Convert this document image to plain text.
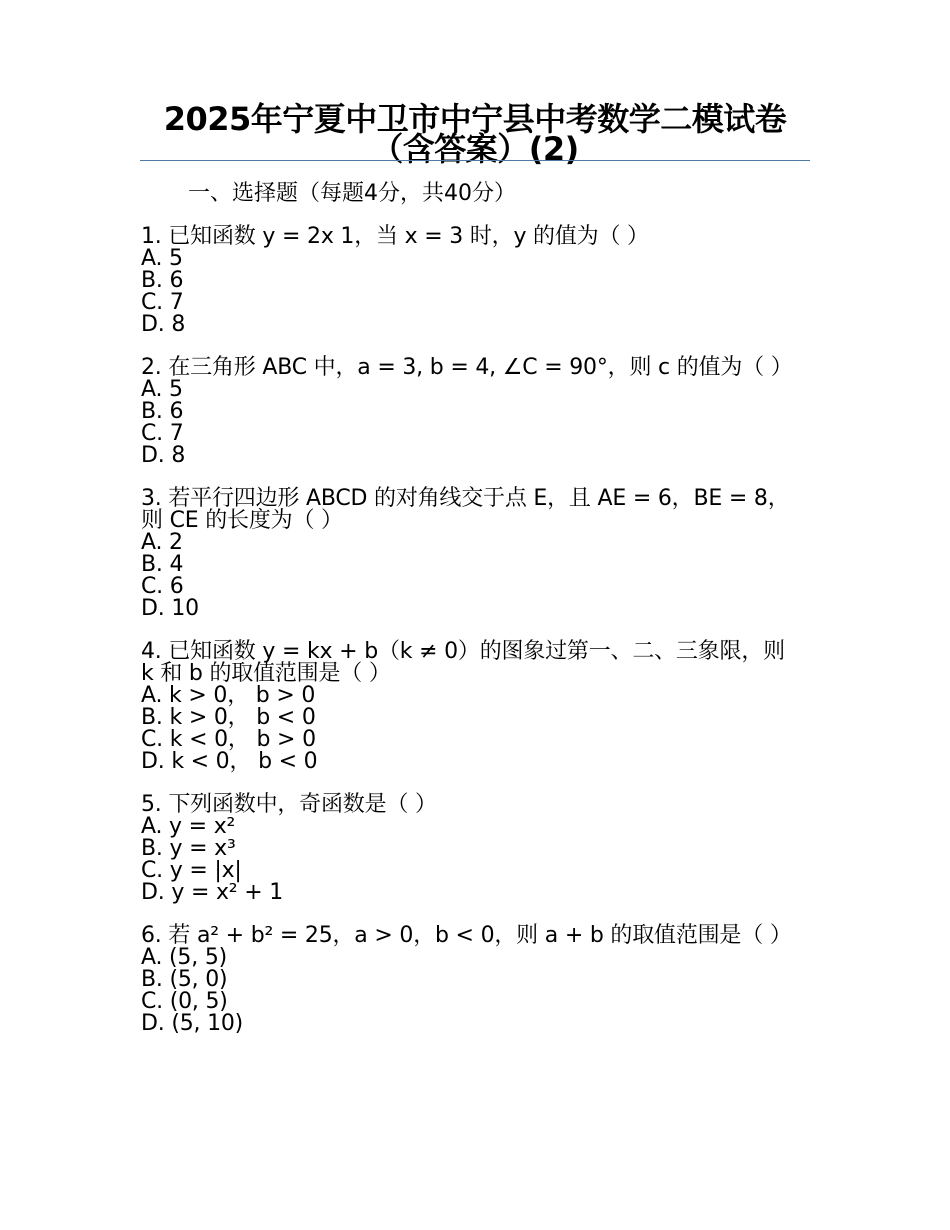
2025年宁夏中卫市中宁县中考数学二模试卷（含答案）(2)
一、选择题（每题4分，共40分）
1. 已知函数 y = 2x 1，当 x = 3 时，y 的值为（ ）
A. 5
B. 6
C. 7
D. 8
2. 在三角形 ABC 中，a = 3, b = 4, ∠C = 90°，则 c 的值为（ ）
A. 5
B. 6
C. 7
D. 8
3. 若平行四边形 ABCD 的对角线交于点 E，且 AE = 6，BE = 8，则 CE 的长度为（ ）
A. 2
B. 4
C. 6
D. 10
4. 已知函数 y = kx + b（k ≠ 0）的图象过第一、二、三象限，则 k 和 b 的取值范围是（ ）
A. k > 0， b > 0
B. k > 0， b < 0
C. k < 0， b > 0
D. k < 0， b < 0
5. 下列函数中，奇函数是（ ）
A. y = x²
B. y = x³
C. y = |x|
D. y = x² + 1
6. 若 a² + b² = 25，a > 0，b < 0，则 a + b 的取值范围是（ ）
A. (5, 5)
B. (5, 0)
C. (0, 5)
D. (5, 10)
